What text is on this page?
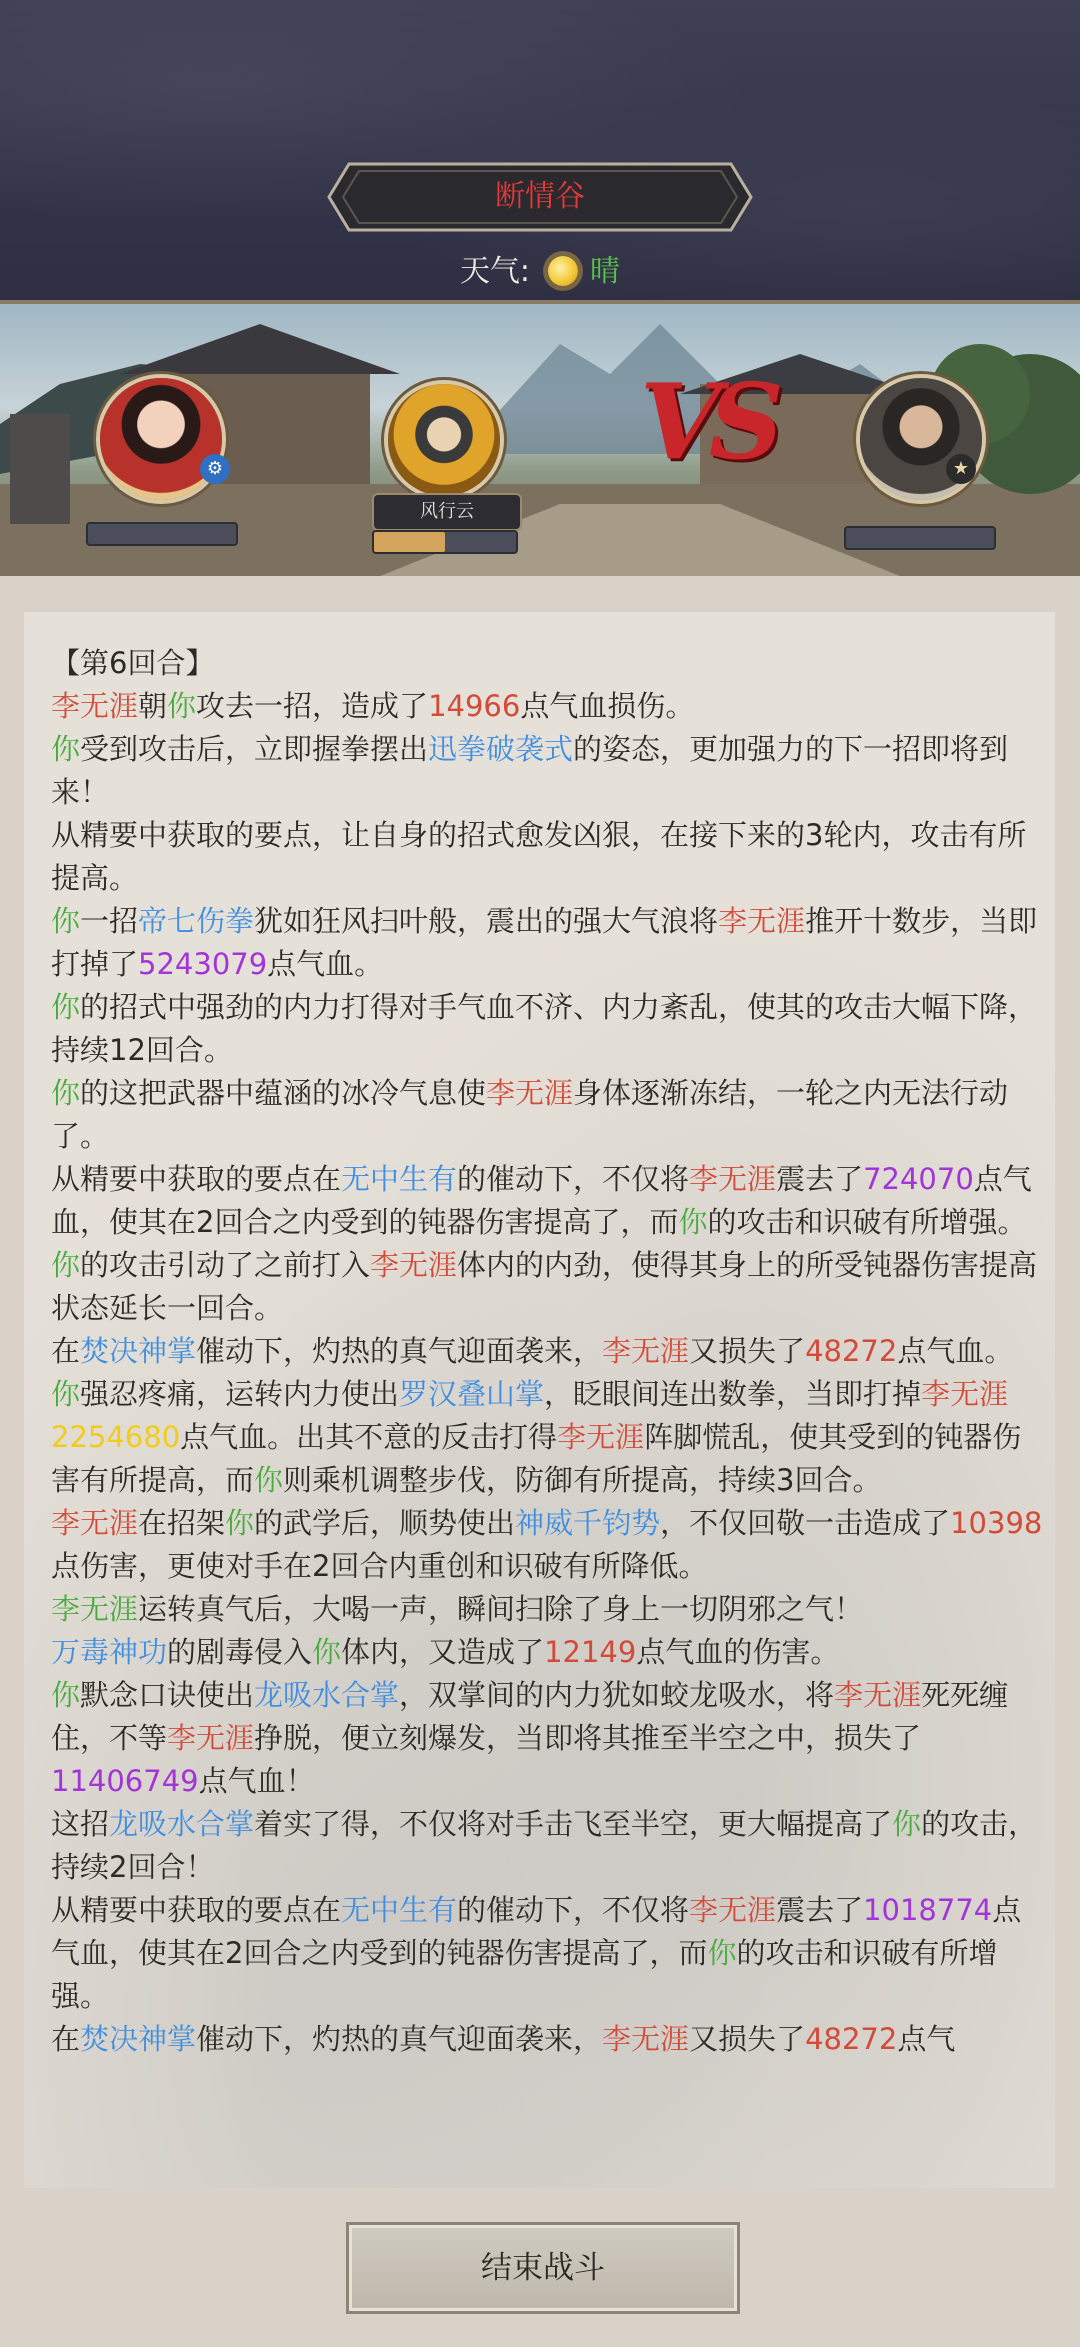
断情谷
天气: 晴
⚙
风行云
VS	★

【第6回合】

李无涯朝你攻去一招，造成了14966点气血损伤。

你受到攻击后，立即握拳摆出迅拳破袭式的姿态，更加强力的下一招即将到来！

从精要中获取的要点，让自身的招式愈发凶狠，在接下来的3轮内，攻击有所提高。

你一招帝七伤拳犹如狂风扫叶般，震出的强大气浪将李无涯推开十数步，当即打掉了5243079点气血。

你的招式中强劲的内力打得对手气血不济、内力紊乱，使其的攻击大幅下降，持续12回合。

你的这把武器中蕴涵的冰冷气息使李无涯身体逐渐冻结，一轮之内无法行动了。

从精要中获取的要点在无中生有的催动下，不仅将李无涯震去了724070点气血，使其在2回合之内受到的钝器伤害提高了，而你的攻击和识破有所增强。

你的攻击引动了之前打入李无涯体内的内劲，使得其身上的所受钝器伤害提高状态延长一回合。

在焚决神掌催动下，灼热的真气迎面袭来，李无涯又损失了48272点气血。

你强忍疼痛，运转内力使出罗汉叠山掌，眨眼间连出数拳，当即打掉李无涯2254680点气血。出其不意的反击打得李无涯阵脚慌乱，使其受到的钝器伤害有所提高，而你则乘机调整步伐，防御有所提高，持续3回合。

李无涯在招架你的武学后，顺势使出神威千钧势，不仅回敬一击造成了10398点伤害，更使对手在2回合内重创和识破有所降低。

李无涯运转真气后，大喝一声，瞬间扫除了身上一切阴邪之气！

万毒神功的剧毒侵入你体内，又造成了12149点气血的伤害。

你默念口诀使出龙吸水合掌，双掌间的内力犹如蛟龙吸水，将李无涯死死缠住，不等李无涯挣脱，便立刻爆发，当即将其推至半空之中，损失了11406749点气血！

这招龙吸水合掌着实了得，不仅将对手击飞至半空，更大幅提高了你的攻击，持续2回合！

从精要中获取的要点在无中生有的催动下，不仅将李无涯震去了1018774点气血，使其在2回合之内受到的钝器伤害提高了，而你的攻击和识破有所增强。

在焚决神掌催动下，灼热的真气迎面袭来，李无涯又损失了48272点气

结束战斗
